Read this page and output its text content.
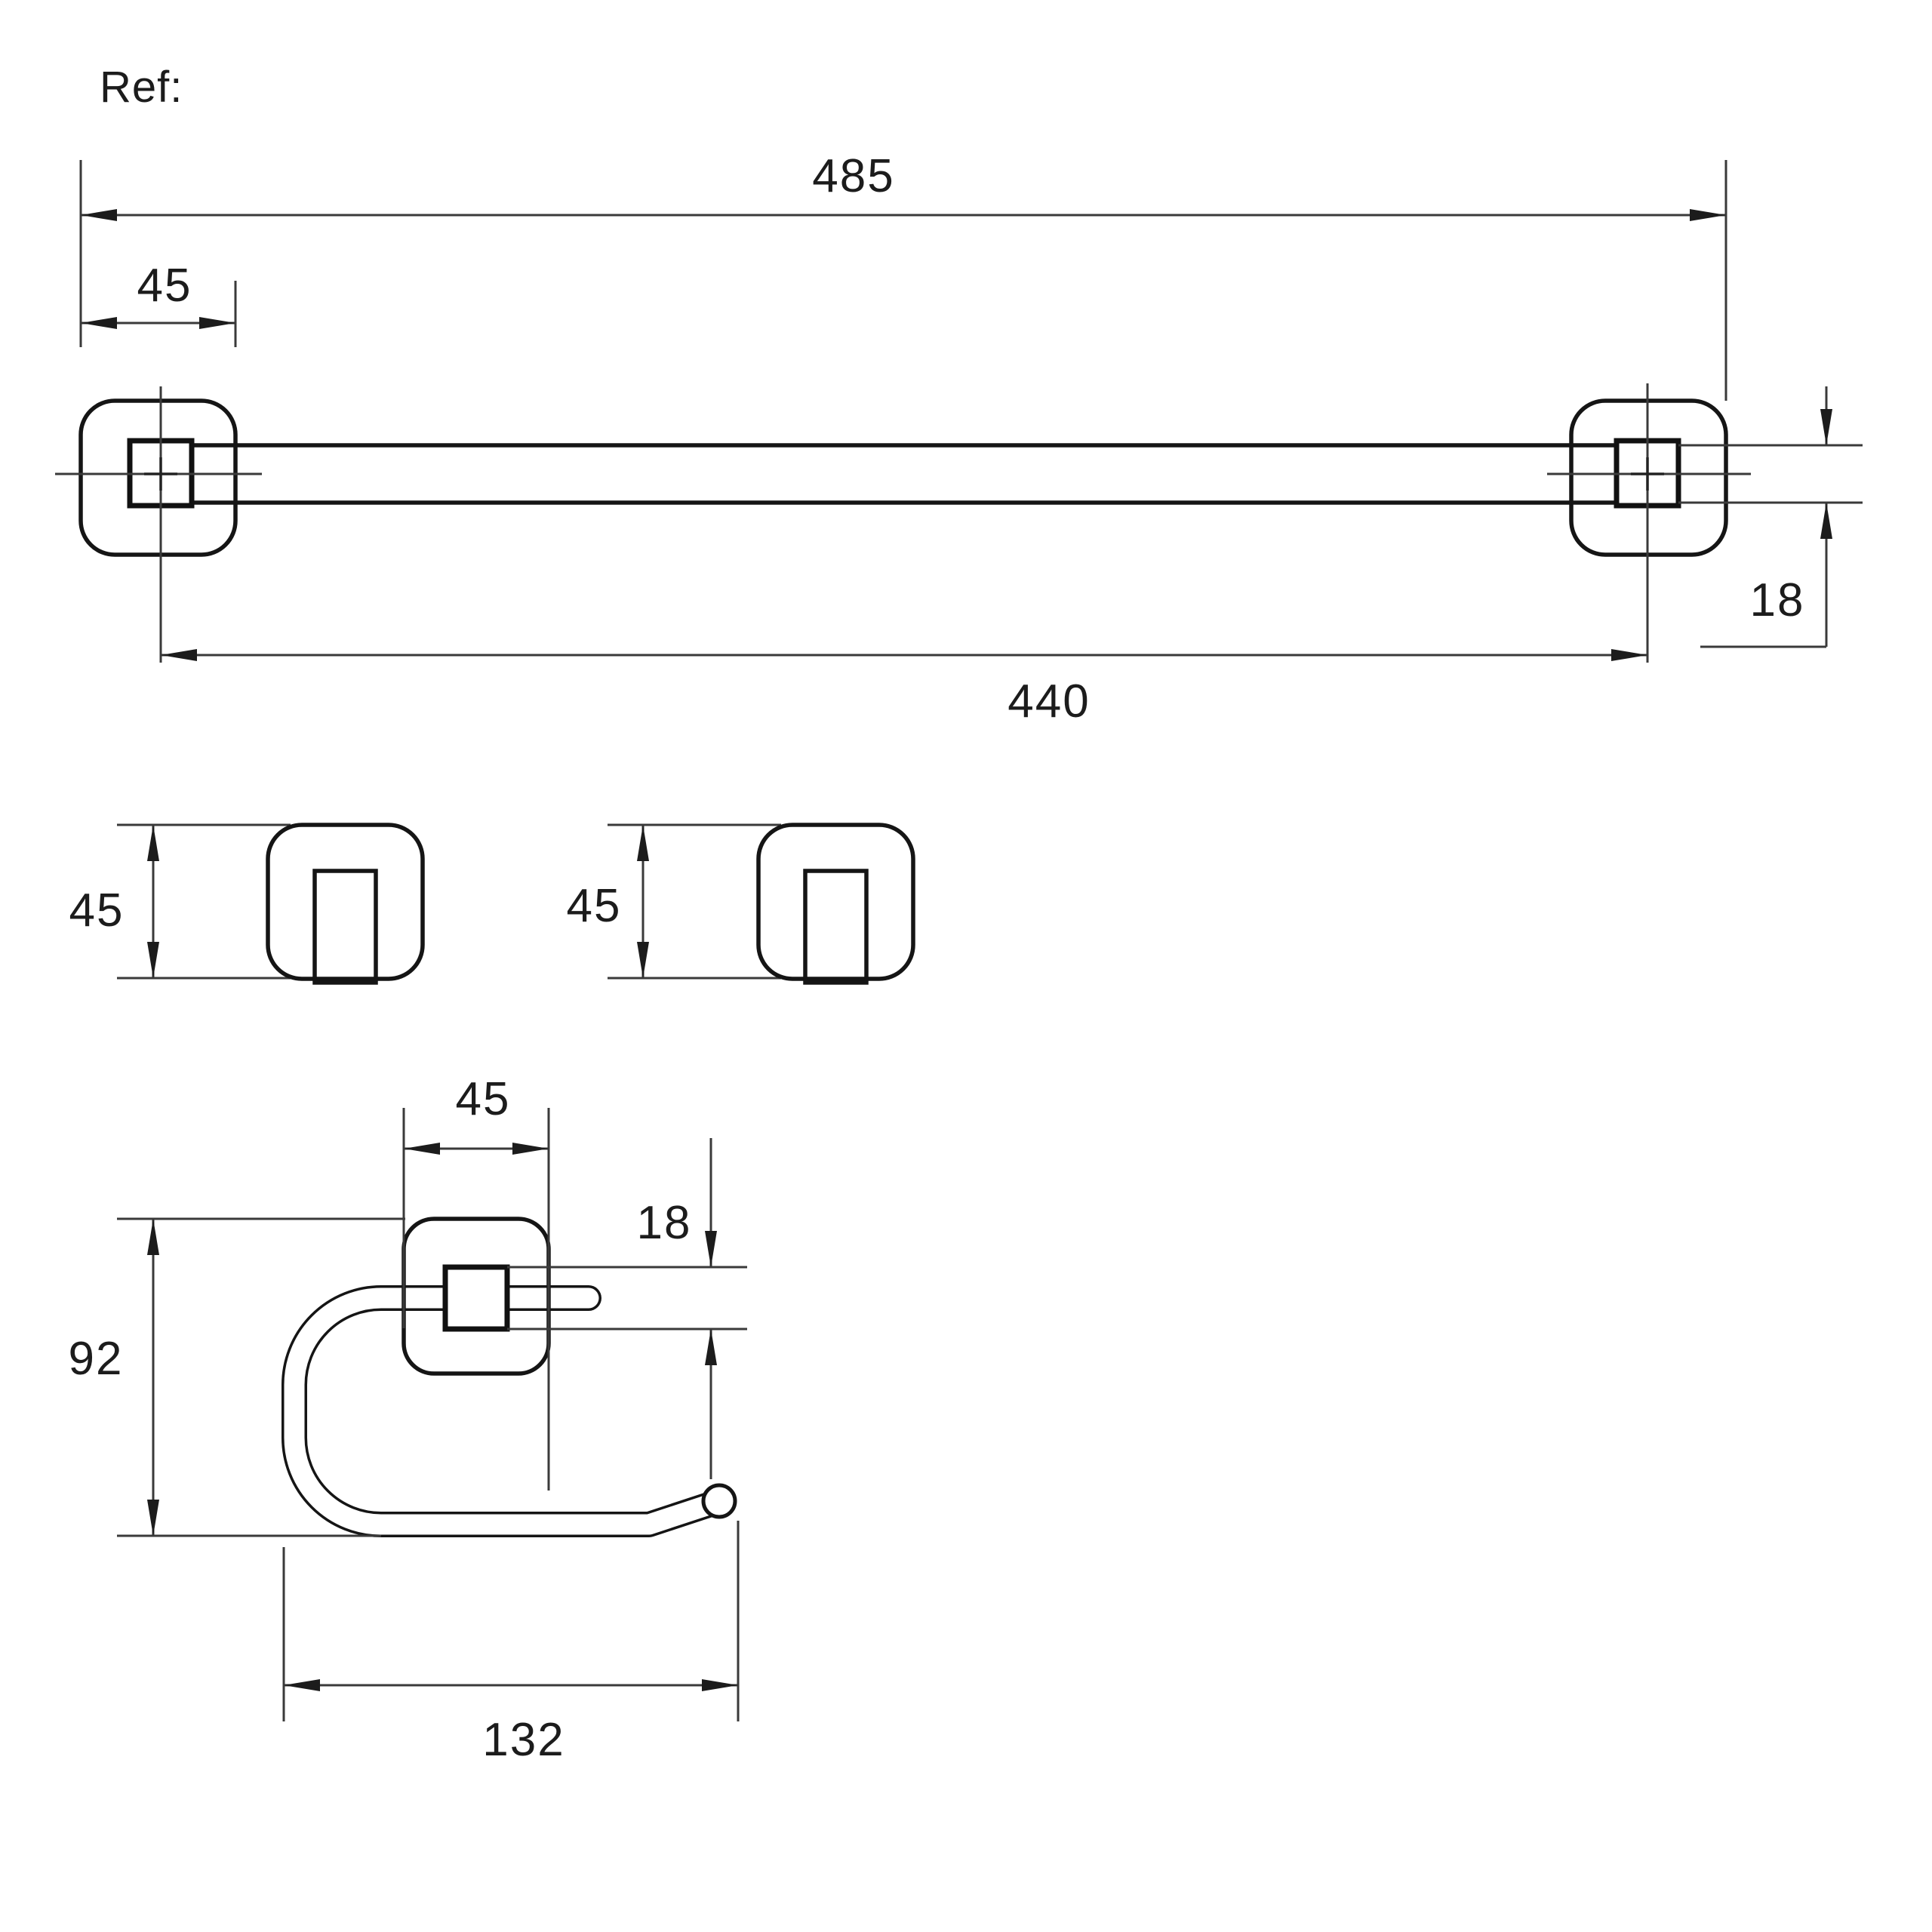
Ref:
485
45
18
440
45	45
45
18
92
132
